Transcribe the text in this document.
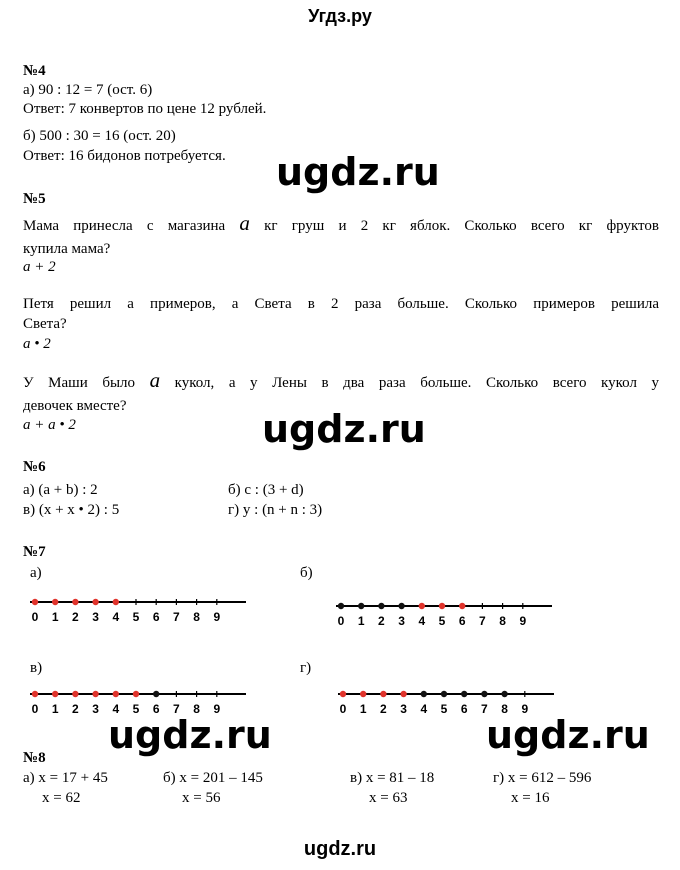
Угдз.ру
№4
а) 90 : 12 = 7 (ост. 6)
Ответ: 7 конвертов по цене 12 рублей.
б) 500 : 30 = 16 (ост. 20)
Ответ: 16 бидонов потребуется. ugdz.ru
№5
Мама принесла с магазина а кг груш и 2 кг яблок. Сколько всего кг фруктов
купила мама?
a + 2
Петя решил а примеров, а Света в 2 раза больше. Сколько примеров решила
Света?
a • 2
У Маши было а кукол, а у Лены в два раза больше. Сколько всего кукол у
девочек вместе?
a + a • 2	ugdz.ru
№6
а) (a + b) : 2	б) c : (3 + d)
в) (x + x • 2) : 5	г) y : (n + n : 3)
№7
а)
0 1 2 3 4 5 6 7 8 9
б)
0 1 2 3 4 5 6 7 8 9
в)
0 1 2 3 4 5 6 7 8 9
г)
0 1 2 3 4 5 6 7 8 9
ugdz.ru	ugdz.ru
№8
а) x = 17 + 45
x = 62
б) x = 201 – 145
x = 56
в) x = 81 – 18
x = 63
г) x = 612 – 596
x = 16
ugdz.ru
